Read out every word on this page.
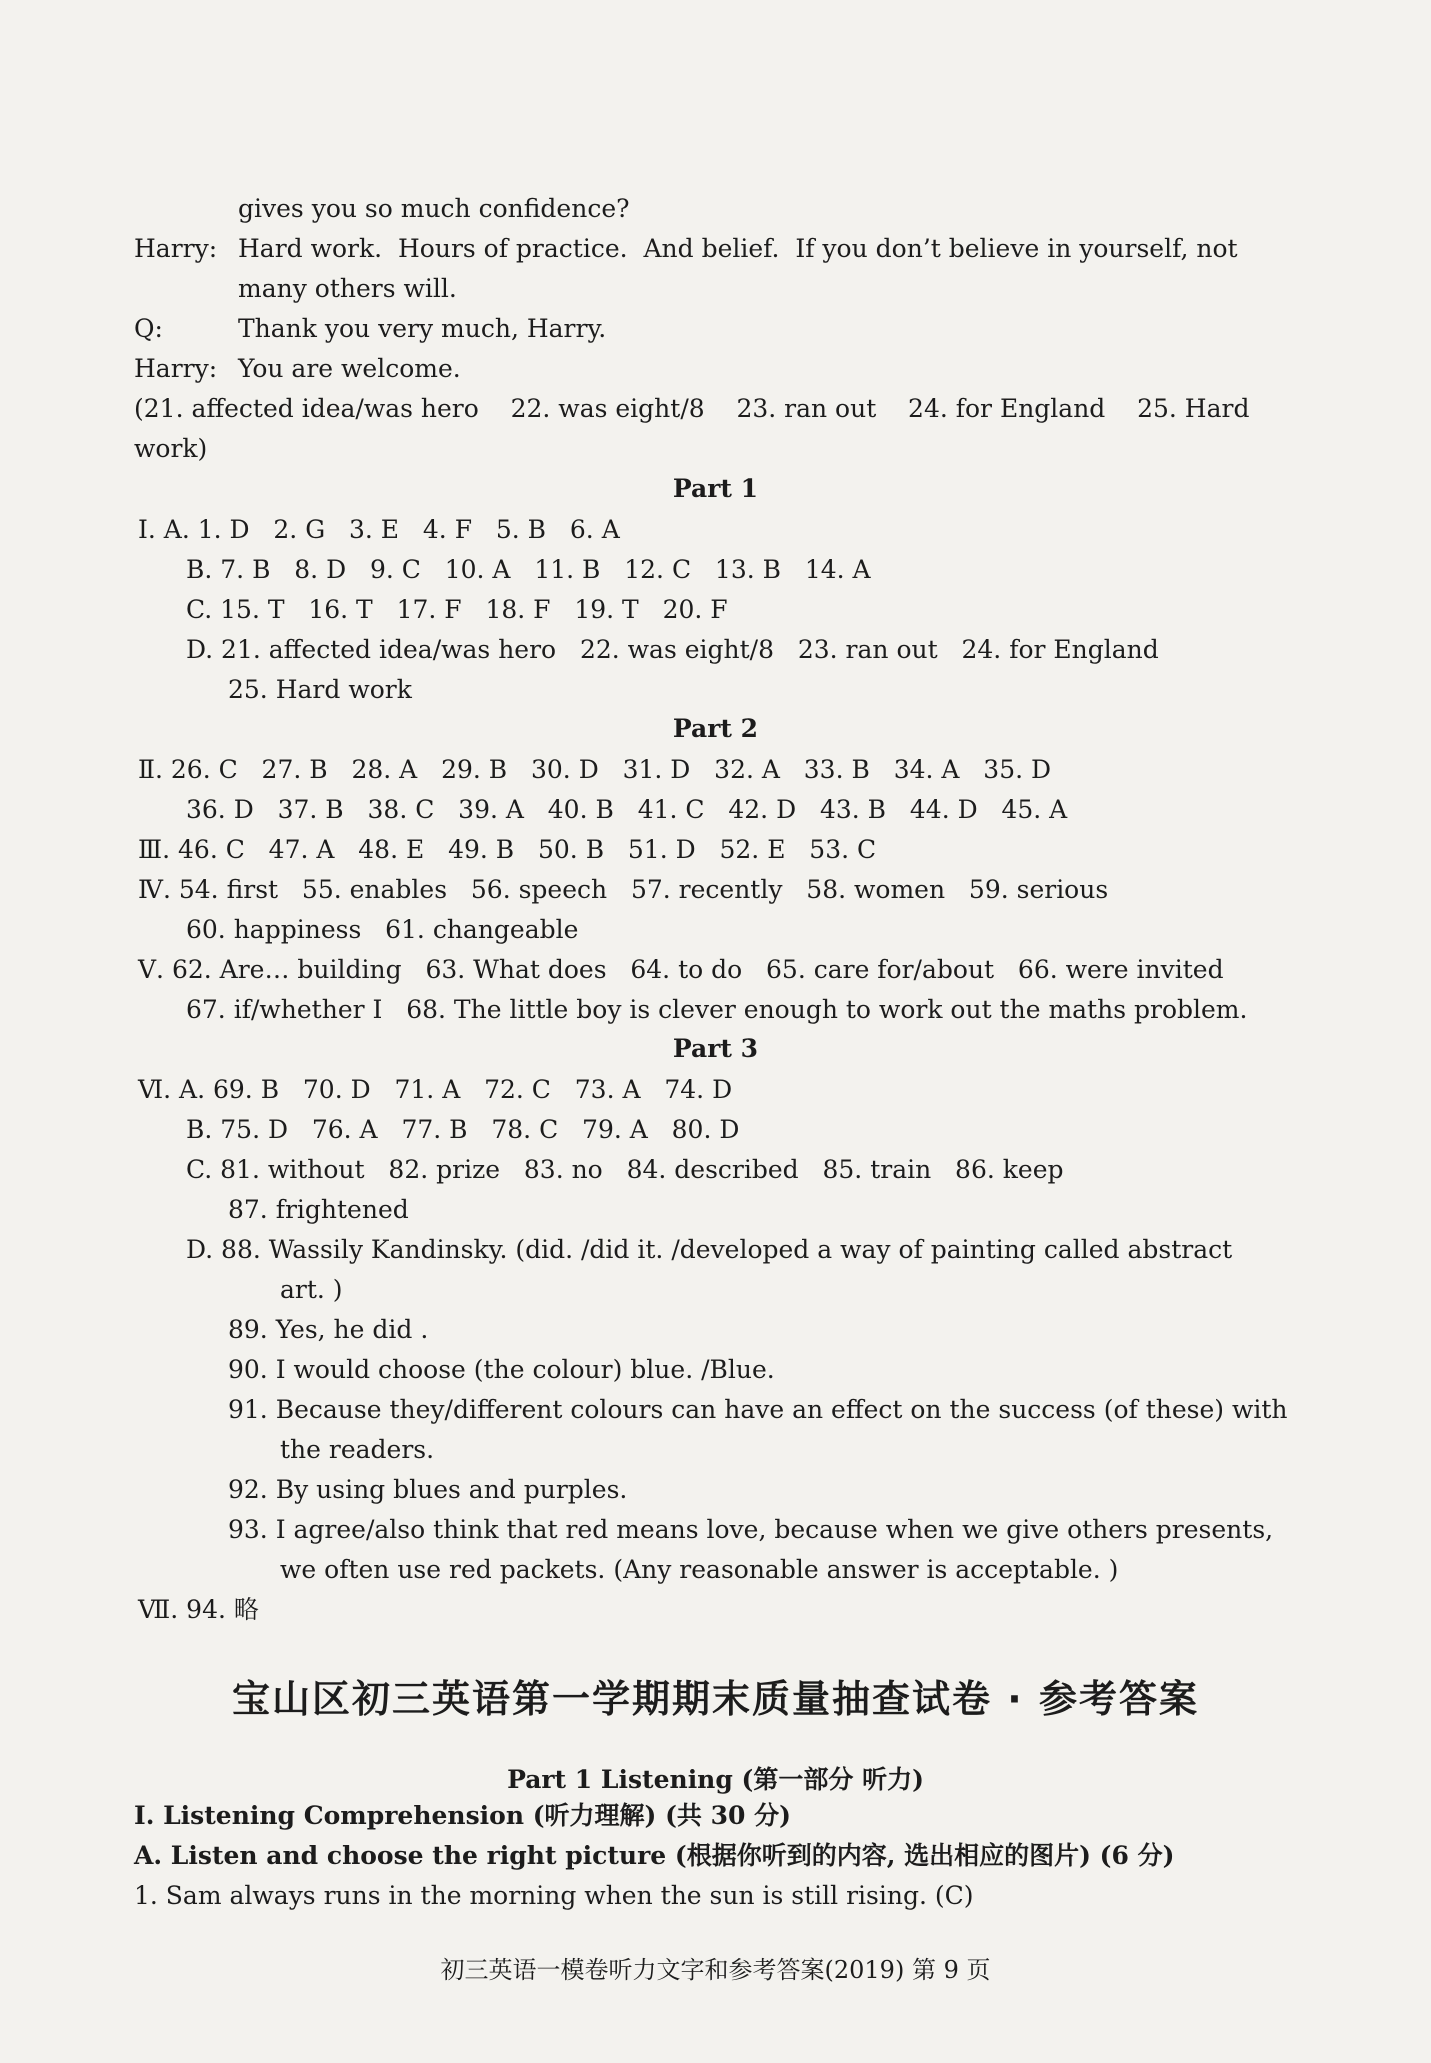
gives you so much confidence?
Harry: Hard work.  Hours of practice.  And belief.  If you don’t believe in yourself, not
many others will.
Q:	Thank you very much, Harry.
Harry: You are welcome.
(21. affected idea/was hero    22. was eight/8    23. ran out    24. for England    25. Hard
work)
Part 1
Ⅰ. A. 1. D   2. G   3. E   4. F   5. B   6. A
B. 7. B   8. D   9. C   10. A   11. B   12. C   13. B   14. A
C. 15. T   16. T   17. F   18. F   19. T   20. F
D. 21. affected idea/was hero   22. was eight/8   23. ran out   24. for England
25. Hard work
Part 2
Ⅱ. 26. C   27. B   28. A   29. B   30. D   31. D   32. A   33. B   34. A   35. D
36. D   37. B   38. C   39. A   40. B   41. C   42. D   43. B   44. D   45. A
Ⅲ. 46. C   47. A   48. E   49. B   50. B   51. D   52. E   53. C
Ⅳ. 54. first   55. enables   56. speech   57. recently   58. women   59. serious
60. happiness   61. changeable
Ⅴ. 62. Are… building   63. What does   64. to do   65. care for/about   66. were invited
67. if/whether I   68. The little boy is clever enough to work out the maths problem.
Part 3
Ⅵ. A. 69. B   70. D   71. A   72. C   73. A   74. D
B. 75. D   76. A   77. B   78. C   79. A   80. D
C. 81. without   82. prize   83. no   84. described   85. train   86. keep
87. frightened
D. 88. Wassily Kandinsky. (did. /did it. /developed a way of painting called abstract
art. )
89. Yes, he did .
90. I would choose (the colour) blue. /Blue.
91. Because they/different colours can have an effect on the success (of these) with
the readers.
92. By using blues and purples.
93. I agree/also think that red means love, because when we give others presents,
we often use red packets. (Any reasonable answer is acceptable. )
Ⅶ. 94. 略
宝山区初三英语第一学期期末质量抽查试卷 · 参考答案
Part 1 Listening (第一部分 听力)
Ⅰ. Listening Comprehension (听力理解) (共 30 分)
A. Listen and choose the right picture (根据你听到的内容, 选出相应的图片) (6 分)
1. Sam always runs in the morning when the sun is still rising. (C)
初三英语一模卷听力文字和参考答案(2019) 第 9 页
